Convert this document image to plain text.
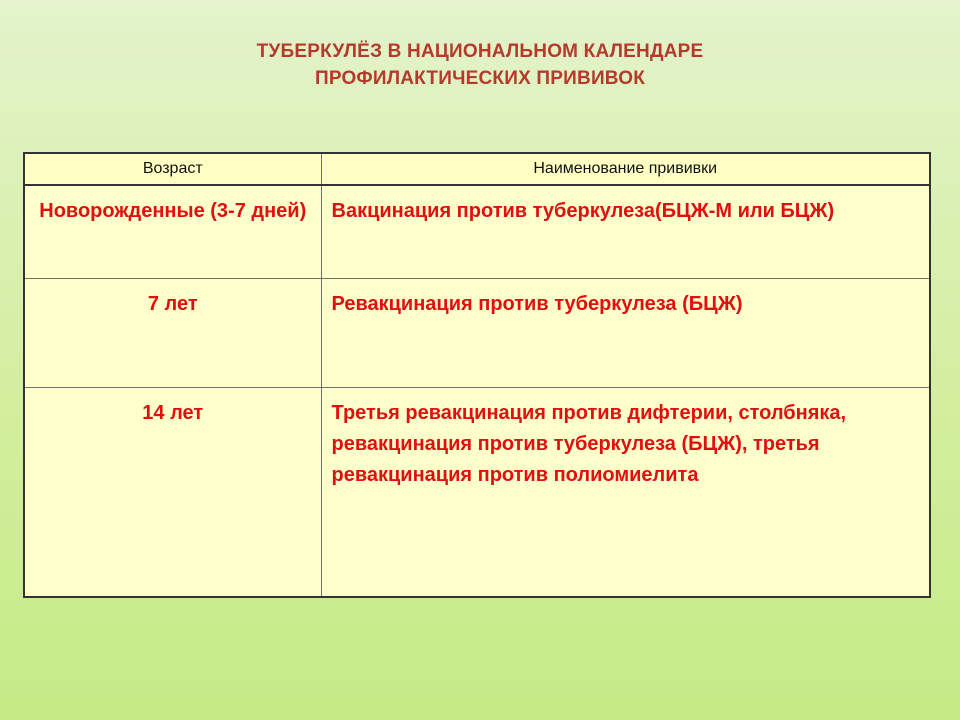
ТУБЕРКУЛЁЗ В НАЦИОНАЛЬНОМ КАЛЕНДАРЕ
ПРОФИЛАКТИЧЕСКИХ ПРИВИВОК
Возраст	Наименование прививки
Новорожденные (3-7 дней)	Вакцинация против туберкулеза(БЦЖ-М или БЦЖ)
7 лет	Ревакцинация против туберкулеза (БЦЖ)
14 лет	Третья ревакцинация против дифтерии, столбняка, ревакцинация против туберкулеза (БЦЖ), третья ревакцинация против полиомиелита
